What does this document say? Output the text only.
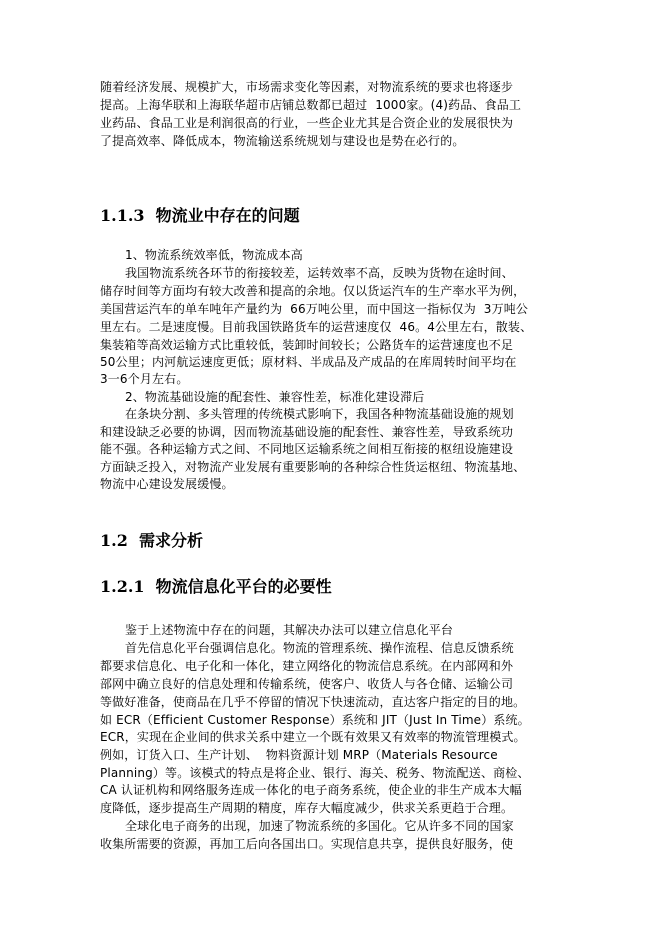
随着经济发展、规模扩大，市场需求变化等因素，对物流系统的要求也将逐步
提高。上海华联和上海联华超市店铺总数都已超过  1000家。(4)药品、食品工
业药品、食品工业是利润很高的行业，一些企业尤其是合资企业的发展很快为
了提高效率、降低成本，物流输送系统规划与建设也是势在必行的。
1.1.3  物流业中存在的问题
1、物流系统效率低，物流成本高
我国物流系统各环节的衔接较差，运转效率不高，反映为货物在途时间、
储存时间等方面均有较大改善和提高的余地。仅以货运汽车的生产率水平为例，
美国营运汽车的单车吨年产量约为  66万吨公里，而中国这一指标仅为  3万吨公
里左右。二是速度慢。目前我国铁路货车的运营速度仅  46。4公里左右，散装、
集装箱等高效运输方式比重较低，装卸时间较长；公路货车的运营速度也不足
50公里；内河航运速度更低；原材料、半成品及产成品的在库周转时间平均在
3一6个月左右。
2、物流基础设施的配套性、兼容性差，标准化建设滞后
在条块分割、多头管理的传统模式影响下，我国各种物流基础设施的规划
和建设缺乏必要的协调，因而物流基础设施的配套性、兼容性差，导致系统功
能不强。各种运输方式之间、不同地区运输系统之间相互衔接的枢纽设施建设
方面缺乏投入，对物流产业发展有重要影响的各种综合性货运枢纽、物流基地、
物流中心建设发展缓慢。
1.2  需求分析
1.2.1  物流信息化平台的必要性
鉴于上述物流中存在的问题，其解决办法可以建立信息化平台
首先信息化平台强调信息化。物流的管理系统、操作流程、信息反馈系统
都要求信息化、电子化和一体化，建立网络化的物流信息系统。在内部网和外
部网中确立良好的信息处理和传输系统，使客户、收货人与各仓储、运输公司
等做好准备，使商品在几乎不停留的情况下快速流动，直达客户指定的目的地。
如 ECR（Efficient Customer Response）系统和 JIT（Just In Time）系统。
ECR，实现在企业间的供求关系中建立一个既有效果又有效率的物流管理模式。
例如，订货入口、生产计划、  物料资源计划 MRP（Materials Resource
Planning）等。该模式的特点是将企业、银行、海关、税务、物流配送、商检、
CA 认证机构和网络服务连成一体化的电子商务系统，使企业的非生产成本大幅
度降低，逐步提高生产周期的精度，库存大幅度减少，供求关系更趋于合理。
全球化电子商务的出现，加速了物流系统的多国化。它从许多不同的国家
收集所需要的资源，再加工后向各国出口。实现信息共享，提供良好服务，使
